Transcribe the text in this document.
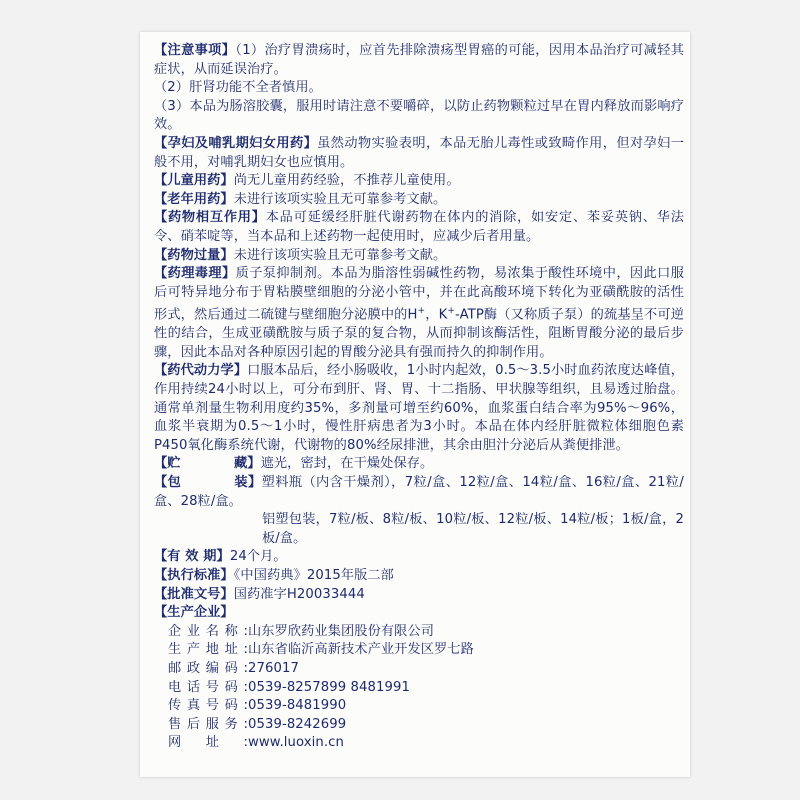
【注意事项】（1）治疗胃溃疡时，应首先排除溃疡型胃癌的可能，因用本品治疗可减轻其症状，从而延误治疗。

（2）肝肾功能不全者慎用。

（3）本品为肠溶胶囊，服用时请注意不要嚼碎，以防止药物颗粒过早在胃内释放而影响疗效。

【孕妇及哺乳期妇女用药】虽然动物实验表明，本品无胎儿毒性或致畸作用，但对孕妇一般不用，对哺乳期妇女也应慎用。

【儿童用药】尚无儿童用药经验，不推荐儿童使用。

【老年用药】未进行该项实验且无可靠参考文献。

【药物相互作用】本品可延缓经肝脏代谢药物在体内的消除，如安定、苯妥英钠、华法令、硝苯啶等，当本品和上述药物一起使用时，应减少后者用量。

【药物过量】未进行该项实验且无可靠参考文献。

【药理毒理】质子泵抑制剂。本品为脂溶性弱碱性药物，易浓集于酸性环境中，因此口服后可特异地分布于胃粘膜壁细胞的分泌小管中，并在此高酸环境下转化为亚磺酰胺的活性形式，然后通过二硫键与壁细胞分泌膜中的H+，K+-ATP酶（又称质子泵）的巯基呈不可逆性的结合，生成亚磺酰胺与质子泵的复合物，从而抑制该酶活性，阻断胃酸分泌的最后步骤，因此本品对各种原因引起的胃酸分泌具有强而持久的抑制作用。

【药代动力学】口服本品后，经小肠吸收，1小时内起效，0.5～3.5小时血药浓度达峰值，作用持续24小时以上，可分布到肝、肾、胃、十二指肠、甲状腺等组织，且易透过胎盘。通常单剂量生物利用度约35%，多剂量可增至约60%，血浆蛋白结合率为95%～96%，血浆半衰期为0.5～1小时，慢性肝病患者为3小时。本品在体内经肝脏微粒体细胞色素P450氧化酶系统代谢，代谢物的80%经尿排泄，其余由胆汁分泌后从粪便排泄。

【贮藏】遮光，密封，在干燥处保存。

【包装】塑料瓶（内含干燥剂），7粒/盒、12粒/盒、14粒/盒、16粒/盒、21粒/盒、28粒/盒。

铝塑包装，7粒/板、8粒/板、10粒/板、12粒/板、14粒/板；1板/盒，2板/盒。

【有 效 期】24个月。

【执行标准】《中国药典》2015年版二部

【批准文号】国药准字H20033444

【生产企业】

企业名称:山东罗欣药业集团股份有限公司

生产地址:山东省临沂高新技术产业开发区罗七路

邮政编码:276017

电话号码:0539-8257899 8481991

传真号码:0539-8481990

售后服务:0539-8242699

网址:www.luoxin.cn
